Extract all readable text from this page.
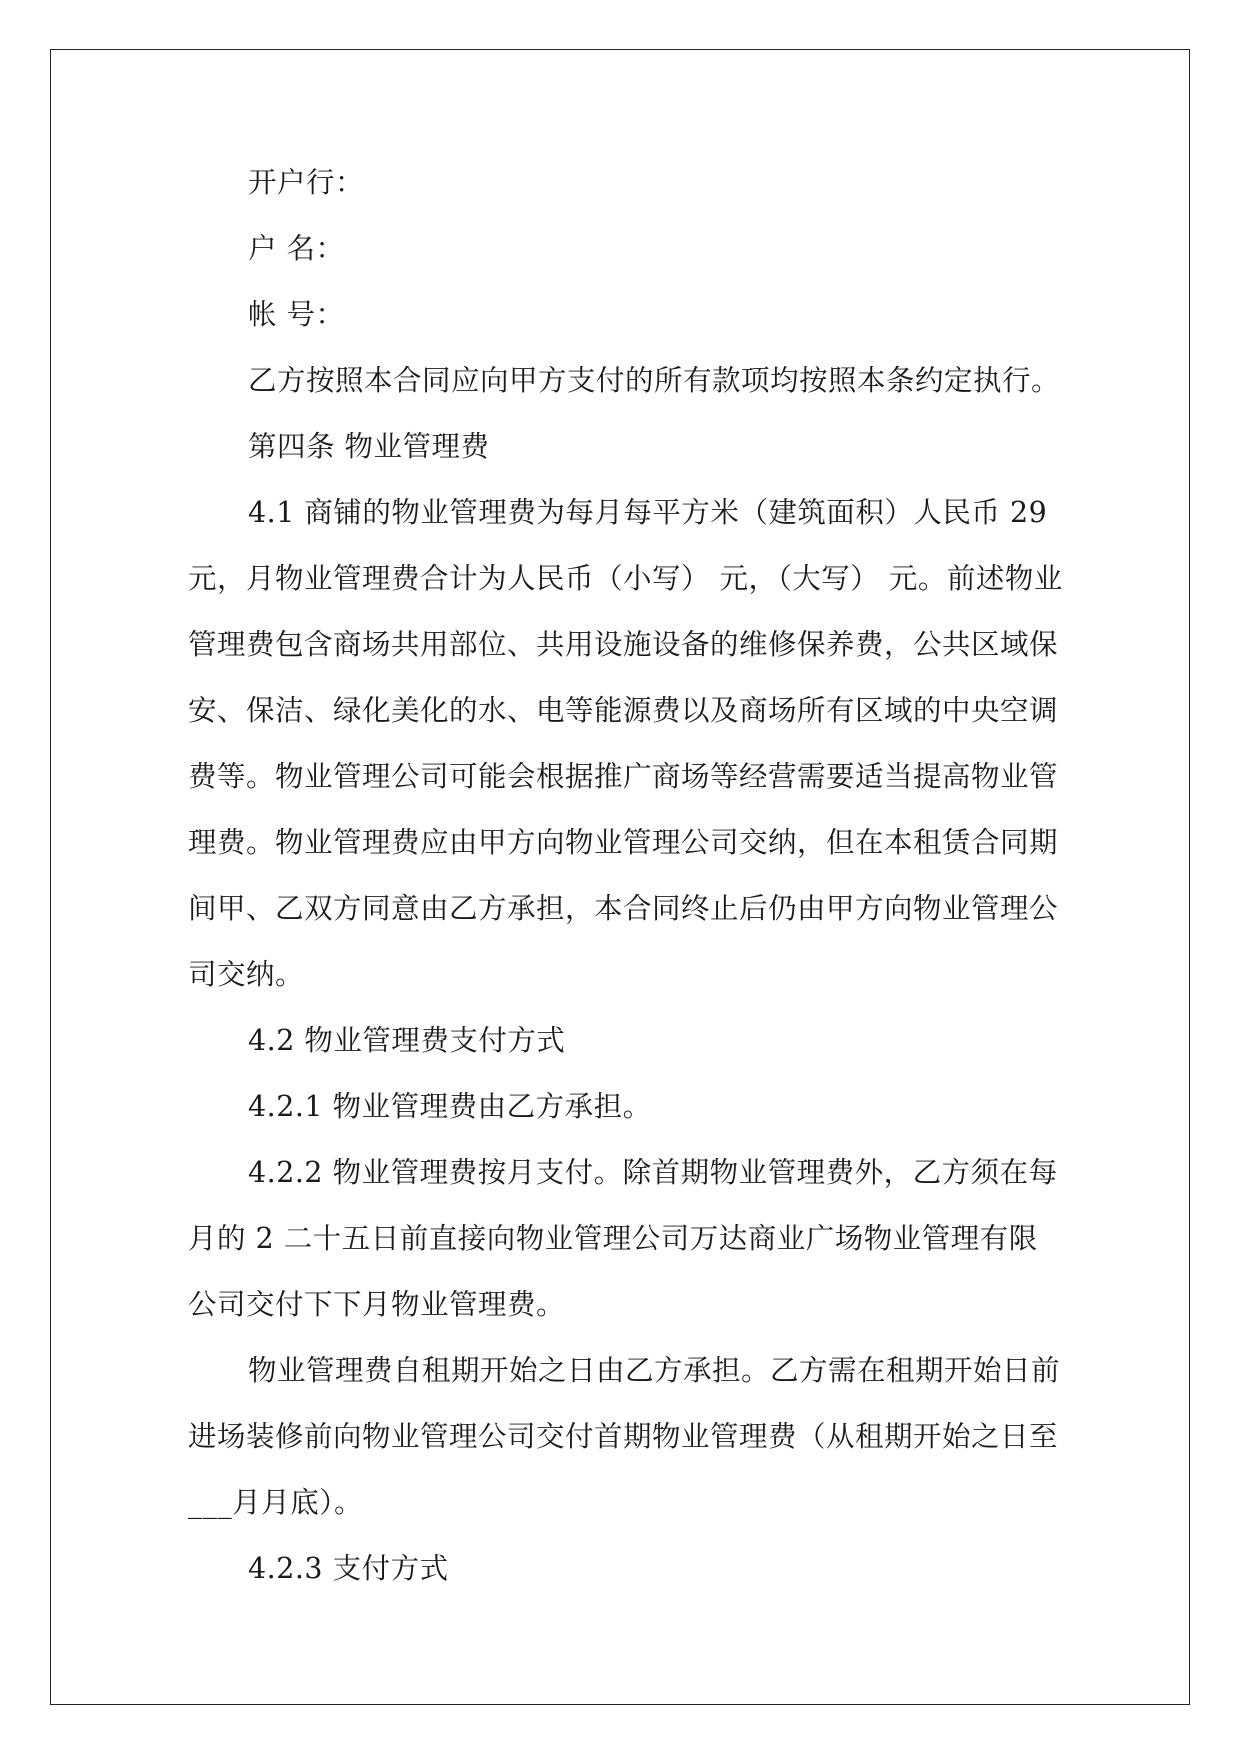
开户行：
户 名：
帐 号：
乙方按照本合同应向甲方支付的所有款项均按照本条约定执行。
第四条 物业管理费
4.1 商铺的物业管理费为每月每平方米（建筑面积）人民币 29
元，月物业管理费合计为人民币（小写） 元，（大写） 元。前述物业
管理费包含商场共用部位、共用设施设备的维修保养费，公共区域保
安、保洁、绿化美化的水、电等能源费以及商场所有区域的中央空调
费等。物业管理公司可能会根据推广商场等经营需要适当提高物业管
理费。物业管理费应由甲方向物业管理公司交纳，但在本租赁合同期
间甲、乙双方同意由乙方承担，本合同终止后仍由甲方向物业管理公
司交纳。
4.2 物业管理费支付方式
4.2.1 物业管理费由乙方承担。
4.2.2 物业管理费按月支付。除首期物业管理费外，乙方须在每
月的 2 二十五日前直接向物业管理公司万达商业广场物业管理有限
公司交付下下月物业管理费。
物业管理费自租期开始之日由乙方承担。乙方需在租期开始日前
进场装修前向物业管理公司交付首期物业管理费（从租期开始之日至
___月月底）。
4.2.3 支付方式
